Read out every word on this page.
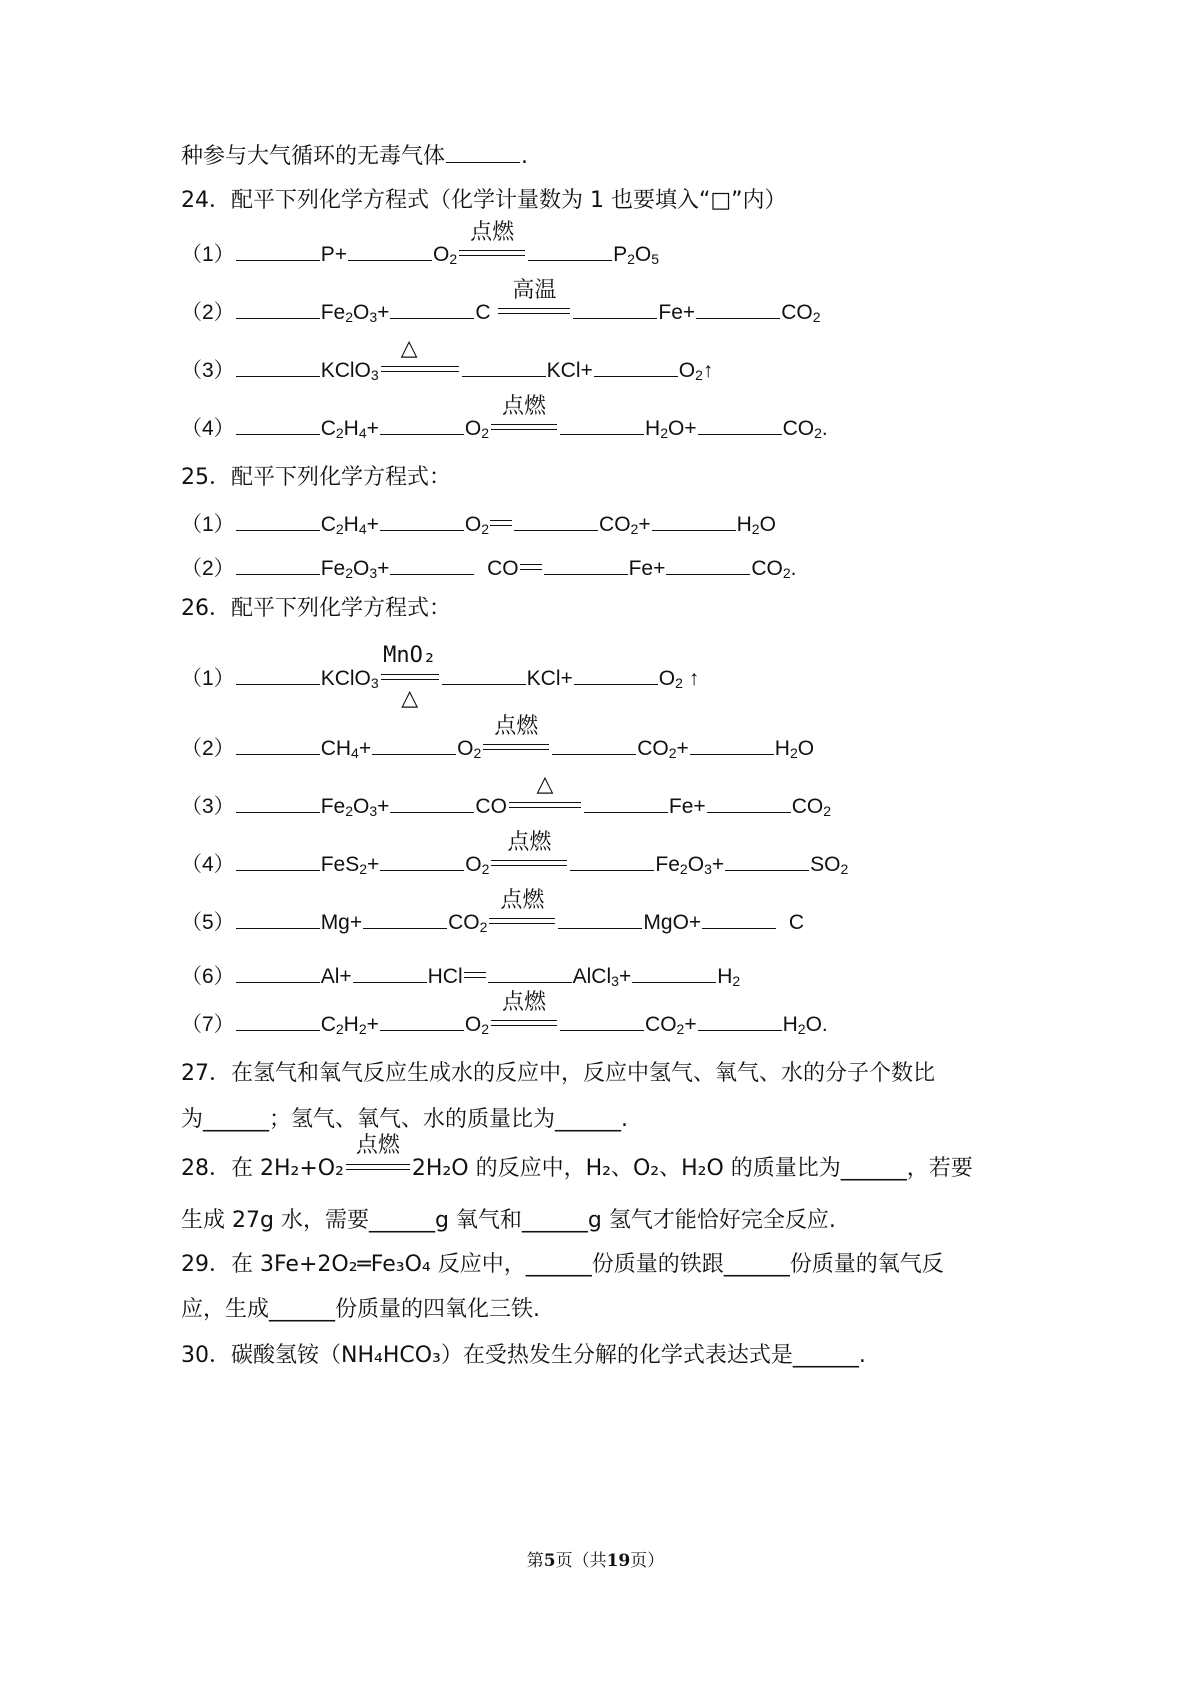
种参与大气循环的无毒气体	.
24．配平下列化学方程式（化学计量数为 1 也要填入“□”内）
（1）	P+	$O_2$
点燃
$P_2O_5$
（2）	$Fe_2O_3+$	C
高温
Fe+	$CO_2$
（3）	KClO$_3$
△
KCl+	$O_2↑$
（4）	$C_2H_4+$	$O_2$
点燃
$H_2O+$	$CO_2$.
25．配平下列化学方程式：
（1）	$C_2H_4+$	$O_2$	$CO_2+$	$H_2O$
（2）	$Fe_2O_3+$	CO	Fe+	$CO_2$.
26．配平下列化学方程式：
（1）	KClO$_3$
MnO₂
△
KCl+	$O_2$ ↑
（2）	$CH_4+$	$O_2$
点燃
$CO_2+$	$H_2O$
（3）	$Fe_2O_3+$	CO
△
Fe+	$CO_2$
（4）	FeS$_2$+	$O_2$
点燃
$Fe_2O_3+$	$SO_2$
（5）	Mg+	$CO_2$
点燃
MgO+	C
（6）	Al+	HCl	AlCl$_3$+	$H_2$
（7）	$C_2H_2+$	$O_2$
点燃
$CO_2+$	$H_2O$.
27．在氢气和氧气反应生成水的反应中，反应中氢气、氧气、水的分子个数比
为______；氢气、氧气、水的质量比为______.
28．在 2H₂+O₂
点燃
2H₂O 的反应中，H₂、O₂、H₂O 的质量比为______，若要
生成 27g 水，需要______g 氧气和______g 氢气才能恰好完全反应.
29．在 3Fe+2O₂═Fe₃O₄ 反应中，______份质量的铁跟______份质量的氧气反
应，生成______份质量的四氧化三铁.
30．碳酸氢铵（NH₄HCO₃）在受热发生分解的化学式表达式是______.
第5页（共19页）
